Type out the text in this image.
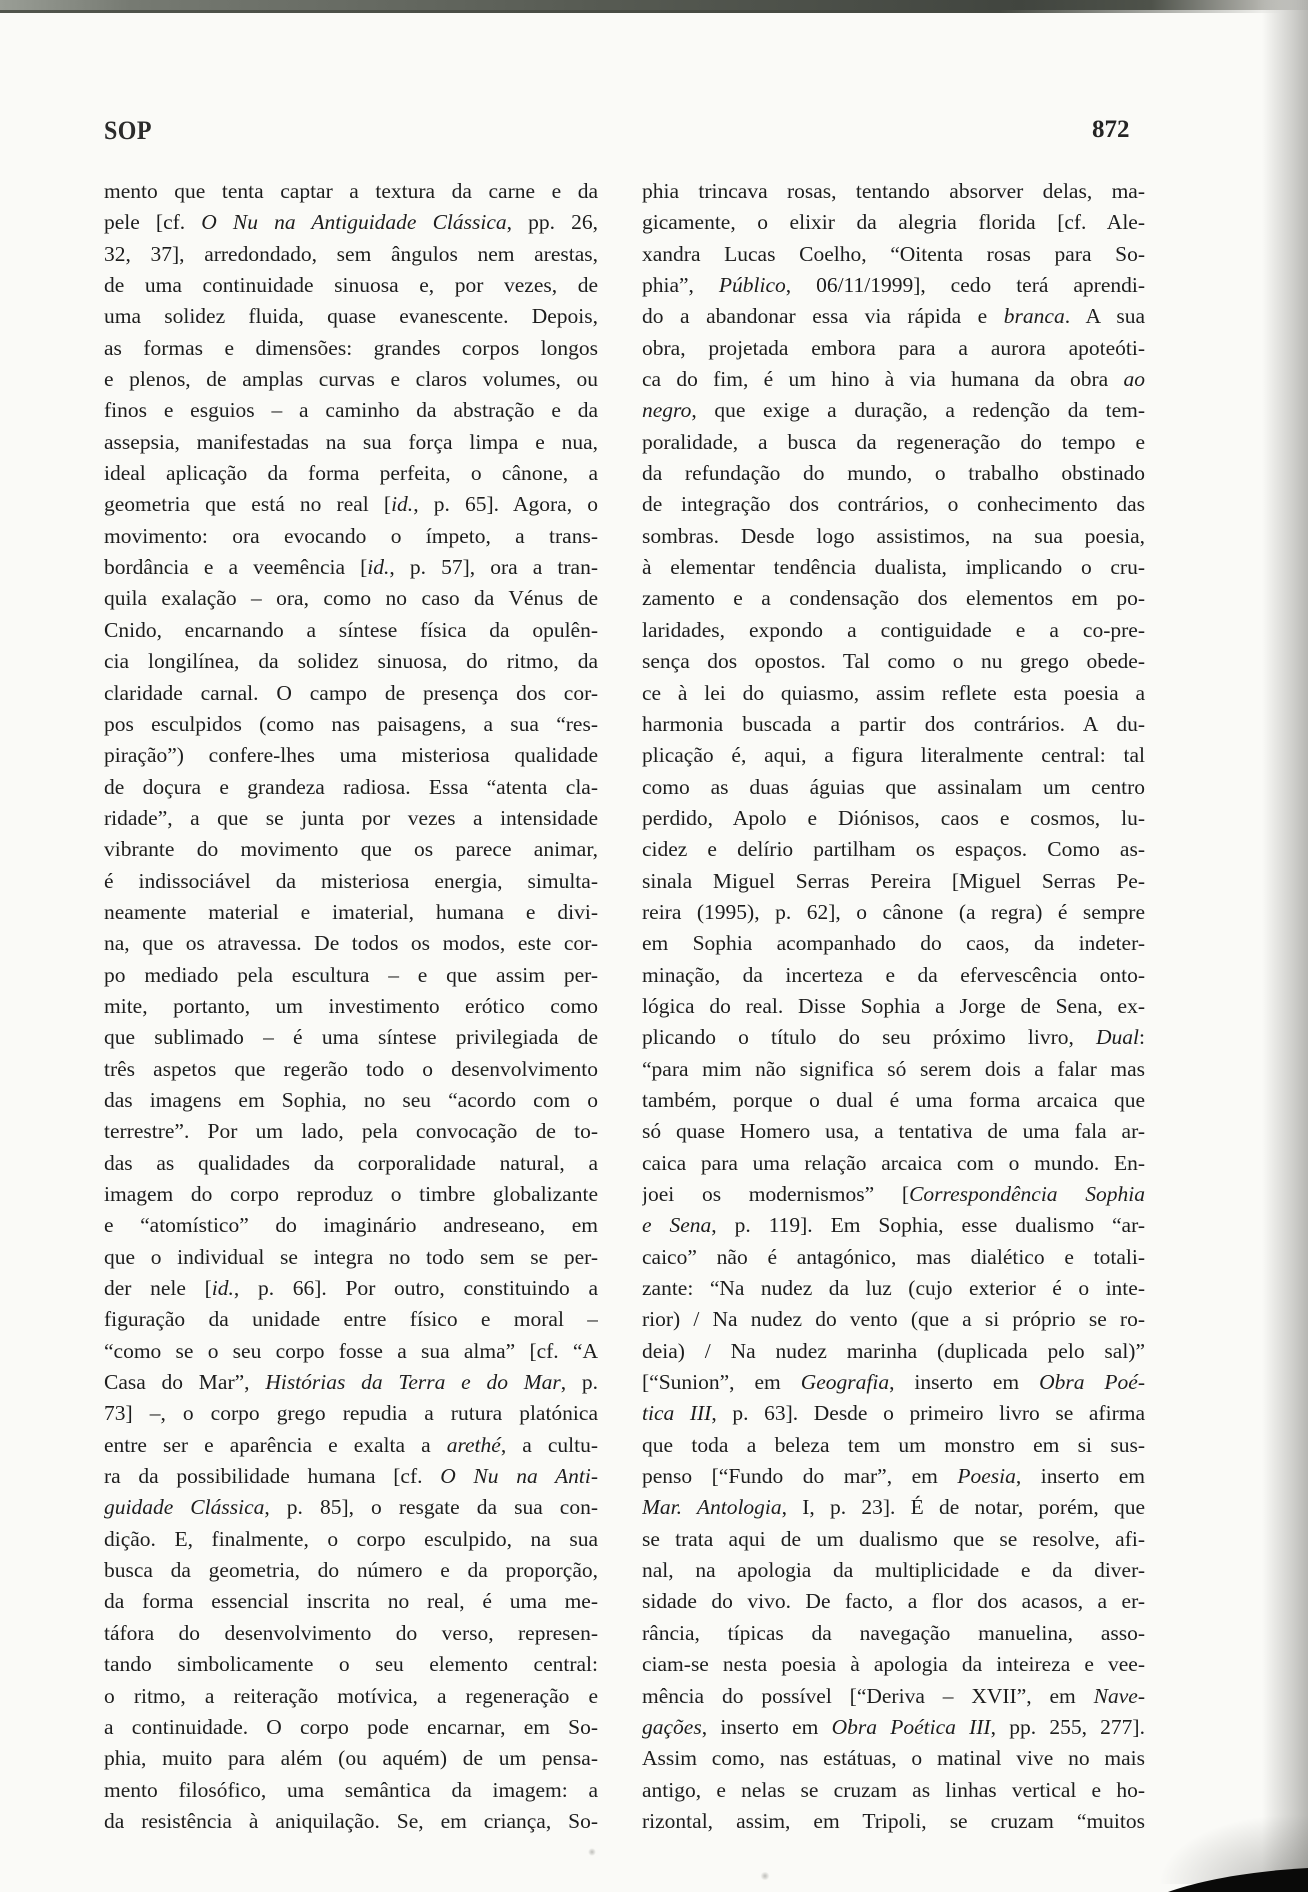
SOP	872
mento que tenta captar a textura da carne e da
pele [cf. O Nu na Antiguidade Clássica, pp. 26,
32, 37], arredondado, sem ângulos nem arestas,
de uma continuidade sinuosa e, por vezes, de
uma solidez fluida, quase evanescente. Depois,
as formas e dimensões: grandes corpos longos
e plenos, de amplas curvas e claros volumes, ou
finos e esguios – a caminho da abstração e da
assepsia, manifestadas na sua força limpa e nua,
ideal aplicação da forma perfeita, o cânone, a
geometria que está no real [id., p. 65]. Agora, o
movimento: ora evocando o ímpeto, a trans-
bordância e a veemência [id., p. 57], ora a tran-
quila exalação – ora, como no caso da Vénus de
Cnido, encarnando a síntese física da opulên-
cia longilínea, da solidez sinuosa, do ritmo, da
claridade carnal. O campo de presença dos cor-
pos esculpidos (como nas paisagens, a sua “res-
piração”) confere-lhes uma misteriosa qualidade
de doçura e grandeza radiosa. Essa “atenta cla-
ridade”, a que se junta por vezes a intensidade
vibrante do movimento que os parece animar,
é indissociável da misteriosa energia, simulta-
neamente material e imaterial, humana e divi-
na, que os atravessa. De todos os modos, este cor-
po mediado pela escultura – e que assim per-
mite, portanto, um investimento erótico como
que sublimado – é uma síntese privilegiada de
três aspetos que regerão todo o desenvolvimento
das imagens em Sophia, no seu “acordo com o
terrestre”. Por um lado, pela convocação de to-
das as qualidades da corporalidade natural, a
imagem do corpo reproduz o timbre globalizante
e “atomístico” do imaginário andreseano, em
que o individual se integra no todo sem se per-
der nele [id., p. 66]. Por outro, constituindo a
figuração da unidade entre físico e moral –
“como se o seu corpo fosse a sua alma” [cf. “A
Casa do Mar”, Histórias da Terra e do Mar, p.
73] –, o corpo grego repudia a rutura platónica
entre ser e aparência e exalta a arethé, a cultu-
ra da possibilidade humana [cf. O Nu na Anti-
guidade Clássica, p. 85], o resgate da sua con-
dição. E, finalmente, o corpo esculpido, na sua
busca da geometria, do número e da proporção,
da forma essencial inscrita no real, é uma me-
táfora do desenvolvimento do verso, represen-
tando simbolicamente o seu elemento central:
o ritmo, a reiteração motívica, a regeneração e
a continuidade. O corpo pode encarnar, em So-
phia, muito para além (ou aquém) de um pensa-
mento filosófico, uma semântica da imagem: a
da resistência à aniquilação. Se, em criança, So-
phia trincava rosas, tentando absorver delas, ma-
gicamente, o elixir da alegria florida [cf. Ale-
xandra Lucas Coelho, “Oitenta rosas para So-
phia”, Público, 06/11/1999], cedo terá aprendi-
do a abandonar essa via rápida e branca. A sua
obra, projetada embora para a aurora apoteóti-
ca do fim, é um hino à via humana da obra ao
negro, que exige a duração, a redenção da tem-
poralidade, a busca da regeneração do tempo e
da refundação do mundo, o trabalho obstinado
de integração dos contrários, o conhecimento das
sombras. Desde logo assistimos, na sua poesia,
à elementar tendência dualista, implicando o cru-
zamento e a condensação dos elementos em po-
laridades, expondo a contiguidade e a co-pre-
sença dos opostos. Tal como o nu grego obede-
ce à lei do quiasmo, assim reflete esta poesia a
harmonia buscada a partir dos contrários. A du-
plicação é, aqui, a figura literalmente central: tal
como as duas águias que assinalam um centro
perdido, Apolo e Diónisos, caos e cosmos, lu-
cidez e delírio partilham os espaços. Como as-
sinala Miguel Serras Pereira [Miguel Serras Pe-
reira (1995), p. 62], o cânone (a regra) é sempre
em Sophia acompanhado do caos, da indeter-
minação, da incerteza e da efervescência onto-
lógica do real. Disse Sophia a Jorge de Sena, ex-
plicando o título do seu próximo livro, Dual:
“para mim não significa só serem dois a falar mas
também, porque o dual é uma forma arcaica que
só quase Homero usa, a tentativa de uma fala ar-
caica para uma relação arcaica com o mundo. En-
joei os modernismos” [Correspondência Sophia
e Sena, p. 119]. Em Sophia, esse dualismo “ar-
caico” não é antagónico, mas dialético e totali-
zante: “Na nudez da luz (cujo exterior é o inte-
rior) / Na nudez do vento (que a si próprio se ro-
deia) / Na nudez marinha (duplicada pelo sal)”
[“Sunion”, em Geografia, inserto em Obra Poé-
tica III, p. 63]. Desde o primeiro livro se afirma
que toda a beleza tem um monstro em si sus-
penso [“Fundo do mar”, em Poesia, inserto em
Mar. Antologia, I, p. 23]. É de notar, porém, que
se trata aqui de um dualismo que se resolve, afi-
nal, na apologia da multiplicidade e da diver-
sidade do vivo. De facto, a flor dos acasos, a er-
rância, típicas da navegação manuelina, asso-
ciam-se nesta poesia à apologia da inteireza e vee-
mência do possível [“Deriva – XVII”, em Nave-
gações, inserto em Obra Poética III, pp. 255, 277].
Assim como, nas estátuas, o matinal vive no mais
antigo, e nelas se cruzam as linhas vertical e ho-
rizontal, assim, em Tripoli, se cruzam “muitos
